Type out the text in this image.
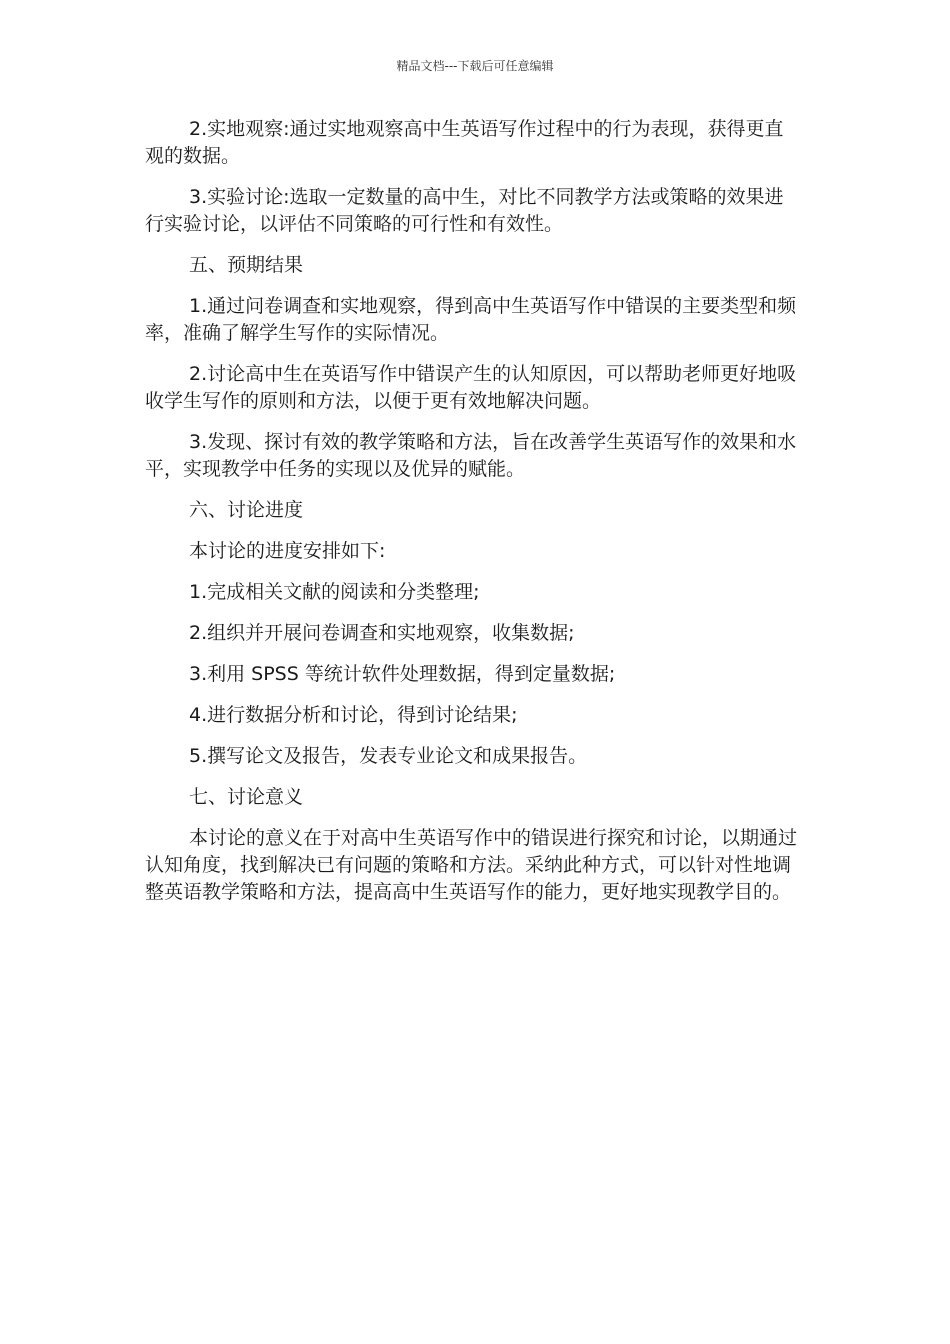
精品文档---下载后可任意编辑

2.实地观察:通过实地观察高中生英语写作过程中的行为表现，获得更直观的数据。

3.实验讨论:选取一定数量的高中生，对比不同教学方法或策略的效果进行实验讨论，以评估不同策略的可行性和有效性。

五、预期结果

1.通过问卷调查和实地观察，得到高中生英语写作中错误的主要类型和频率，准确了解学生写作的实际情况。

2.讨论高中生在英语写作中错误产生的认知原因，可以帮助老师更好地吸收学生写作的原则和方法，以便于更有效地解决问题。

3.发现、探讨有效的教学策略和方法，旨在改善学生英语写作的效果和水平，实现教学中任务的实现以及优异的赋能。

六、讨论进度

本讨论的进度安排如下:

1.完成相关文献的阅读和分类整理;

2.组织并开展问卷调查和实地观察，收集数据;

3.利用 SPSS 等统计软件处理数据，得到定量数据;

4.进行数据分析和讨论，得到讨论结果;

5.撰写论文及报告，发表专业论文和成果报告。

七、讨论意义

本讨论的意义在于对高中生英语写作中的错误进行探究和讨论，以期通过认知角度，找到解决已有问题的策略和方法。采纳此种方式，可以针对性地调整英语教学策略和方法，提高高中生英语写作的能力，更好地实现教学目的。
